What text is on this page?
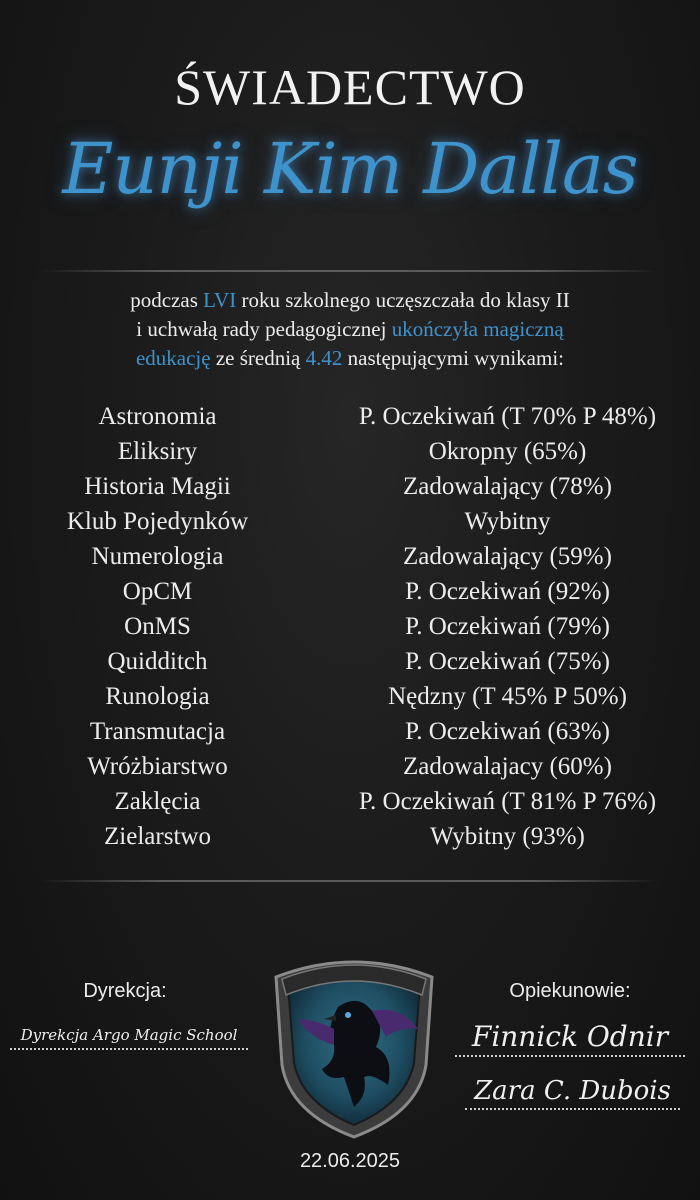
ŚWIADECTWO
Eunji Kim Dallas
podczas LVI roku szkolnego uczęszczała do klasy II
i uchwałą rady pedagogicznej ukończyła magiczną
edukację ze średnią 4.42 następującymi wynikami:
Astronomia	P. Oczekiwań (T 70% P 48%)
Eliksiry	Okropny (65%)
Historia Magii	Zadowalający (78%)
Klub Pojedynków	Wybitny
Numerologia	Zadowalający (59%)
OpCM	P. Oczekiwań (92%)
OnMS	P. Oczekiwań (79%)
Quidditch	P. Oczekiwań (75%)
Runologia	Nędzny (T 45% P 50%)
Transmutacja	P. Oczekiwań (63%)
Wróżbiarstwo	Zadowalajacy (60%)
Zaklęcia	P. Oczekiwań (T 81% P 76%)
Zielarstwo	Wybitny (93%)
Dyrekcja:
Dyrekcja Argo Magic School
Opiekunowie:
Finnick Odnir
Zara C. Dubois
22.06.2025
